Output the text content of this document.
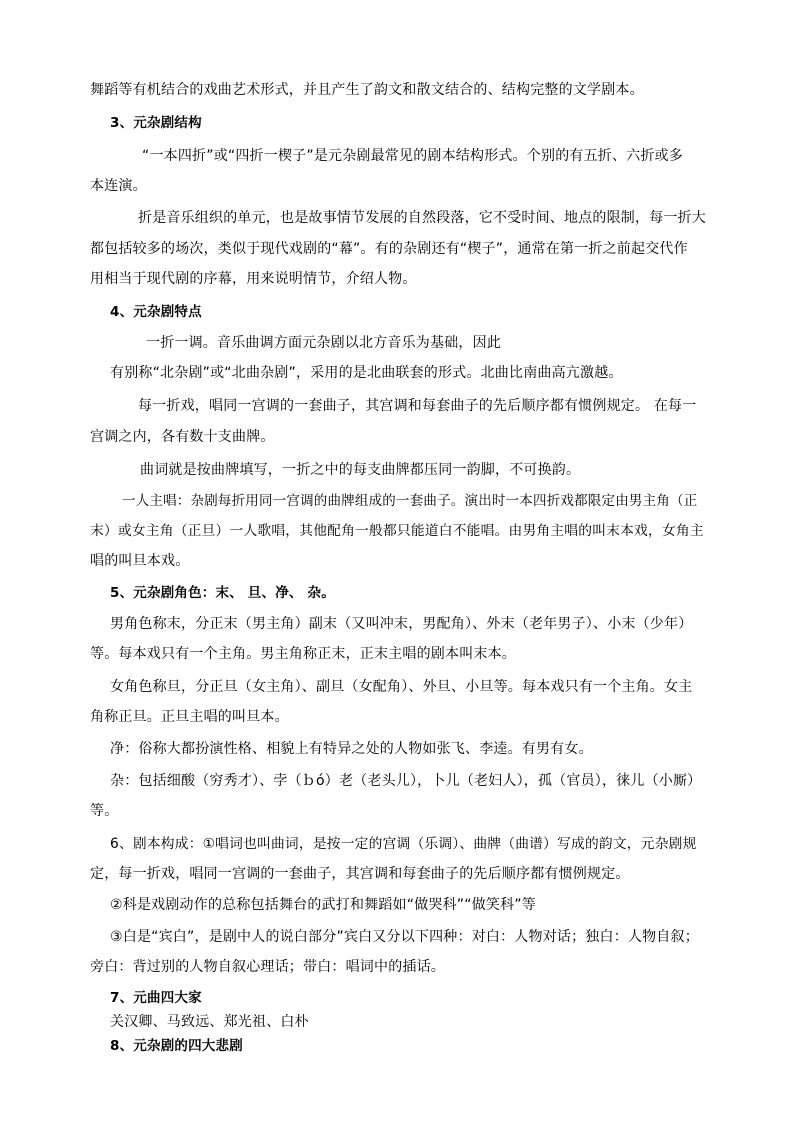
舞蹈等有机结合的戏曲艺术形式，并且产生了韵文和散文结合的、结构完整的文学剧本。
3、元杂剧结构
“一本四折”或“四折一楔子”是元杂剧最常见的剧本结构形式。个别的有五折、六折或多
本连演。
折是音乐组织的单元，也是故事情节发展的自然段落，它不受时间、地点的限制，每一折大
都包括较多的场次，类似于现代戏剧的“幕”。有的杂剧还有“楔子”，通常在第一折之前起交代作
用相当于现代剧的序幕，用来说明情节，介绍人物。
4、元杂剧特点
一折一调。音乐曲调方面元杂剧以北方音乐为基础，因此
有别称“北杂剧”或“北曲杂剧”，采用的是北曲联套的形式。北曲比南曲高亢激越。
每一折戏，唱同一宫调的一套曲子，其宫调和每套曲子的先后顺序都有惯例规定。 在每一
宫调之内，各有数十支曲牌。
曲词就是按曲牌填写，一折之中的每支曲牌都压同一韵脚，不可换韵。
一人主唱：杂剧每折用同一宫调的曲牌组成的一套曲子。演出时一本四折戏都限定由男主角（正
末）或女主角（正旦）一人歌唱，其他配角一般都只能道白不能唱。由男角主唱的叫末本戏，女角主
唱的叫旦本戏。
5、元杂剧角色：末、 旦、净、 杂。
男角色称末，分正末（男主角）副末（又叫冲末，男配角）、外末（老年男子）、小末（少年）
等。每本戏只有一个主角。男主角称正末，正末主唱的剧本叫末本。
女角色称旦，分正旦（女主角）、副旦（女配角）、外旦、小旦等。每本戏只有一个主角。女主
角称正旦。正旦主唱的叫旦本。
净：俗称大都扮演性格、相貌上有特异之处的人物如张飞、李逵。有男有女。
杂：包括细酸（穷秀才）、孛（ｂó）老（老头儿），卜儿（老妇人），孤（官员），徕儿（小厮）
等。
6、剧本构成：①唱词也叫曲词，是按一定的宫调（乐调）、曲牌（曲谱）写成的韵文，元杂剧规
定，每一折戏，唱同一宫调的一套曲子，其宫调和每套曲子的先后顺序都有惯例规定。
②科是戏剧动作的总称包括舞台的武打和舞蹈如“做哭科”“做笑科”等
③白是“宾白”，是剧中人的说白部分”宾白又分以下四种：对白：人物对话；独白：人物自叙；
旁白：背过别的人物自叙心理话；带白：唱词中的插话。
7、元曲四大家
关汉卿、马致远、郑光祖、白朴
8、元杂剧的四大悲剧
